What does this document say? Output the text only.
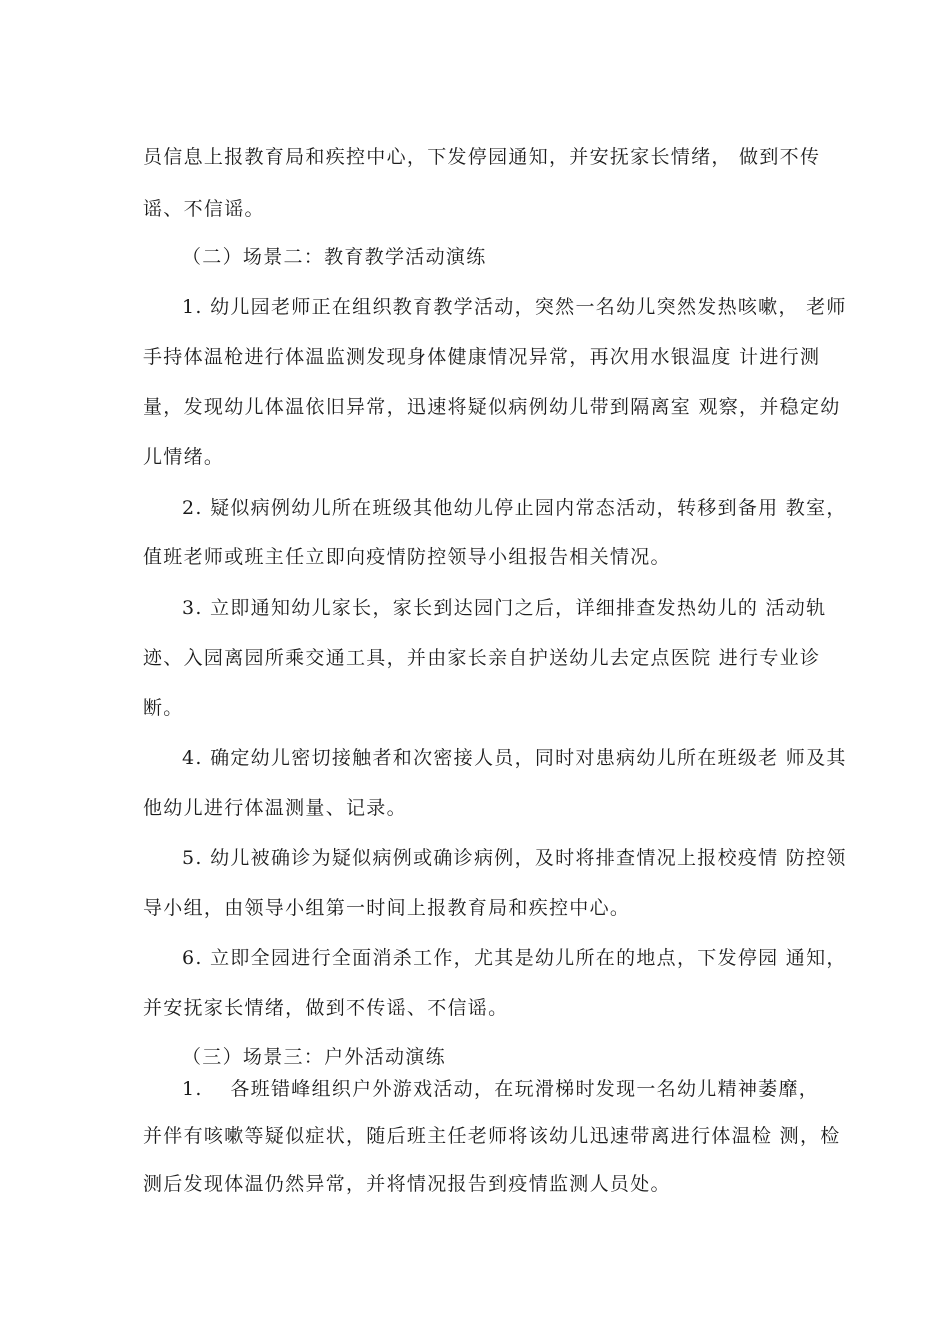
员信息上报教育局和疾控中心，下发停园通知，并安抚家长情绪， 做到不传
谣、不信谣。
（二）场景二：教育教学活动演练
1. 幼儿园老师正在组织教育教学活动，突然一名幼儿突然发热咳嗽， 老师
手持体温枪进行体温监测发现身体健康情况异常，再次用水银温度 计进行测
量，发现幼儿体温依旧异常，迅速将疑似病例幼儿带到隔离室 观察，并稳定幼
儿情绪。
2. 疑似病例幼儿所在班级其他幼儿停止园内常态活动，转移到备用 教室，
值班老师或班主任立即向疫情防控领导小组报告相关情况。
3. 立即通知幼儿家长，家长到达园门之后，详细排查发热幼儿的 活动轨
迹、入园离园所乘交通工具，并由家长亲自护送幼儿去定点医院 进行专业诊
断。
4. 确定幼儿密切接触者和次密接人员，同时对患病幼儿所在班级老 师及其
他幼儿进行体温测量、记录。
5. 幼儿被确诊为疑似病例或确诊病例，及时将排查情况上报校疫情 防控领
导小组，由领导小组第一时间上报教育局和疾控中心。
6. 立即全园进行全面消杀工作，尤其是幼儿所在的地点，下发停园 通知，
并安抚家长情绪，做到不传谣、不信谣。
（三）场景三：户外活动演练
1.　 各班错峰组织户外游戏活动，在玩滑梯时发现一名幼儿精神萎靡，
并伴有咳嗽等疑似症状，随后班主任老师将该幼儿迅速带离进行体温检 测，检
测后发现体温仍然异常，并将情况报告到疫情监测人员处。
